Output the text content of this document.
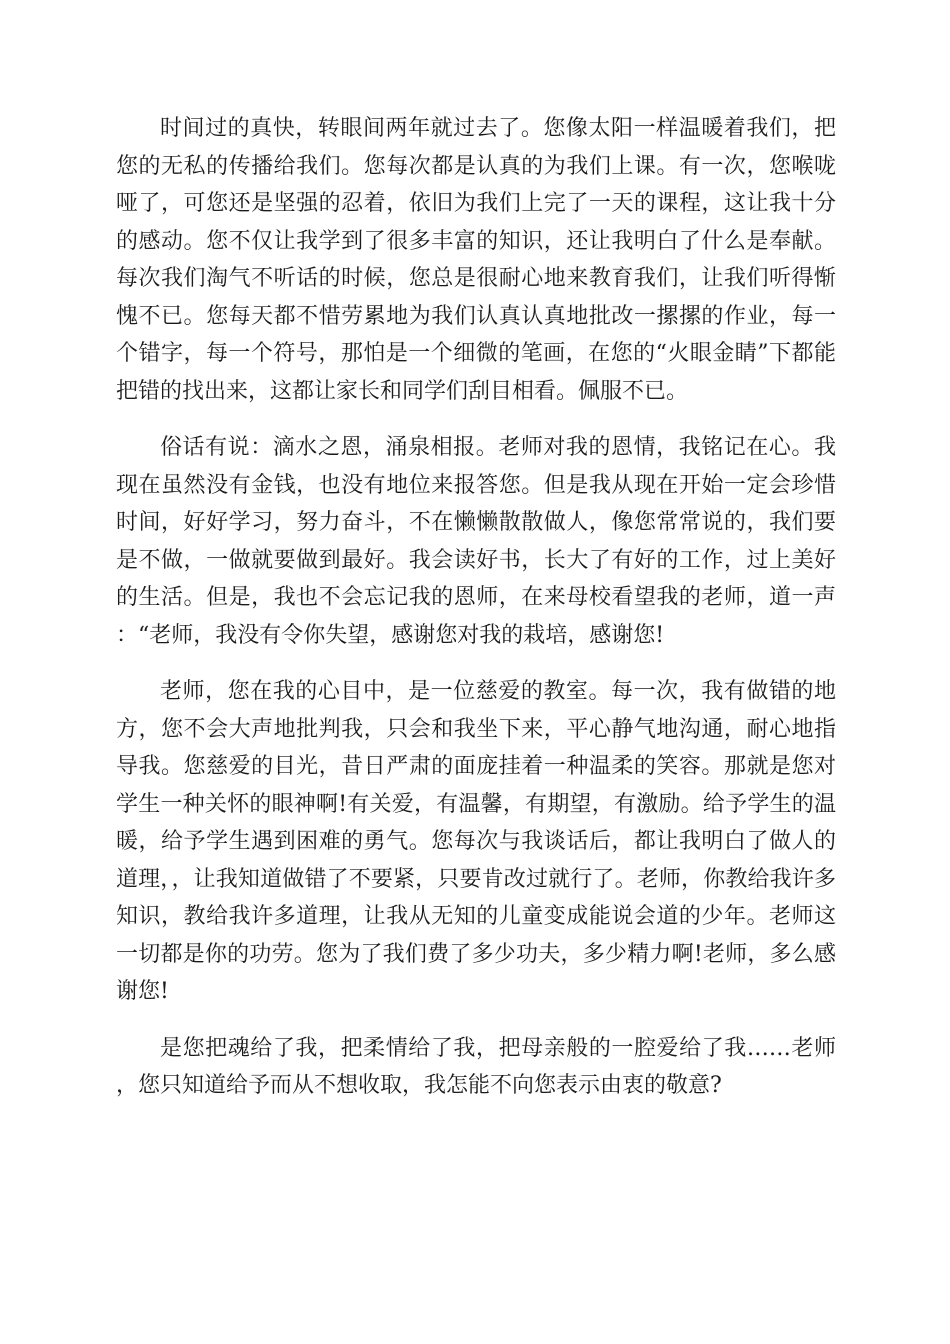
时间过的真快，转眼间两年就过去了。您像太阳一样温暖着我们，把您的无私的传播给我们。您每次都是认真的为我们上课。有一次，您喉咙哑了，可您还是坚强的忍着，依旧为我们上完了一天的课程，这让我十分的感动。您不仅让我学到了很多丰富的知识，还让我明白了什么是奉献。每次我们淘气不听话的时候，您总是很耐心地来教育我们，让我们听得惭愧不已。您每天都不惜劳累地为我们认真认真地批改一摞摞的作业，每一个错字，每一个符号，那怕是一个细微的笔画，在您的“火眼金睛”下都能把错的找出来，这都让家长和同学们刮目相看。佩服不已。

俗话有说：滴水之恩，涌泉相报。老师对我的恩情，我铭记在心。我现在虽然没有金钱，也没有地位来报答您。但是我从现在开始一定会珍惜时间，好好学习，努力奋斗，不在懒懒散散做人，像您常常说的，我们要是不做，一做就要做到最好。我会读好书，长大了有好的工作，过上美好的生活。但是，我也不会忘记我的恩师，在来母校看望我的老师，道一声：“老师，我没有令你失望，感谢您对我的栽培，感谢您!

老师，您在我的心目中，是一位慈爱的教室。每一次，我有做错的地方，您不会大声地批判我，只会和我坐下来，平心静气地沟通，耐心地指导我。您慈爱的目光，昔日严肃的面庞挂着一种温柔的笑容。那就是您对学生一种关怀的眼神啊!有关爱，有温馨，有期望，有激励。给予学生的温暖，给予学生遇到困难的勇气。您每次与我谈话后，都让我明白了做人的道理，，让我知道做错了不要紧，只要肯改过就行了。老师，你教给我许多知识，教给我许多道理，让我从无知的儿童变成能说会道的少年。老师这一切都是你的功劳。您为了我们费了多少功夫，多少精力啊!老师，多么感谢您!

是您把魂给了我，把柔情给了我，把母亲般的一腔爱给了我……老师，您只知道给予而从不想收取，我怎能不向您表示由衷的敬意?
